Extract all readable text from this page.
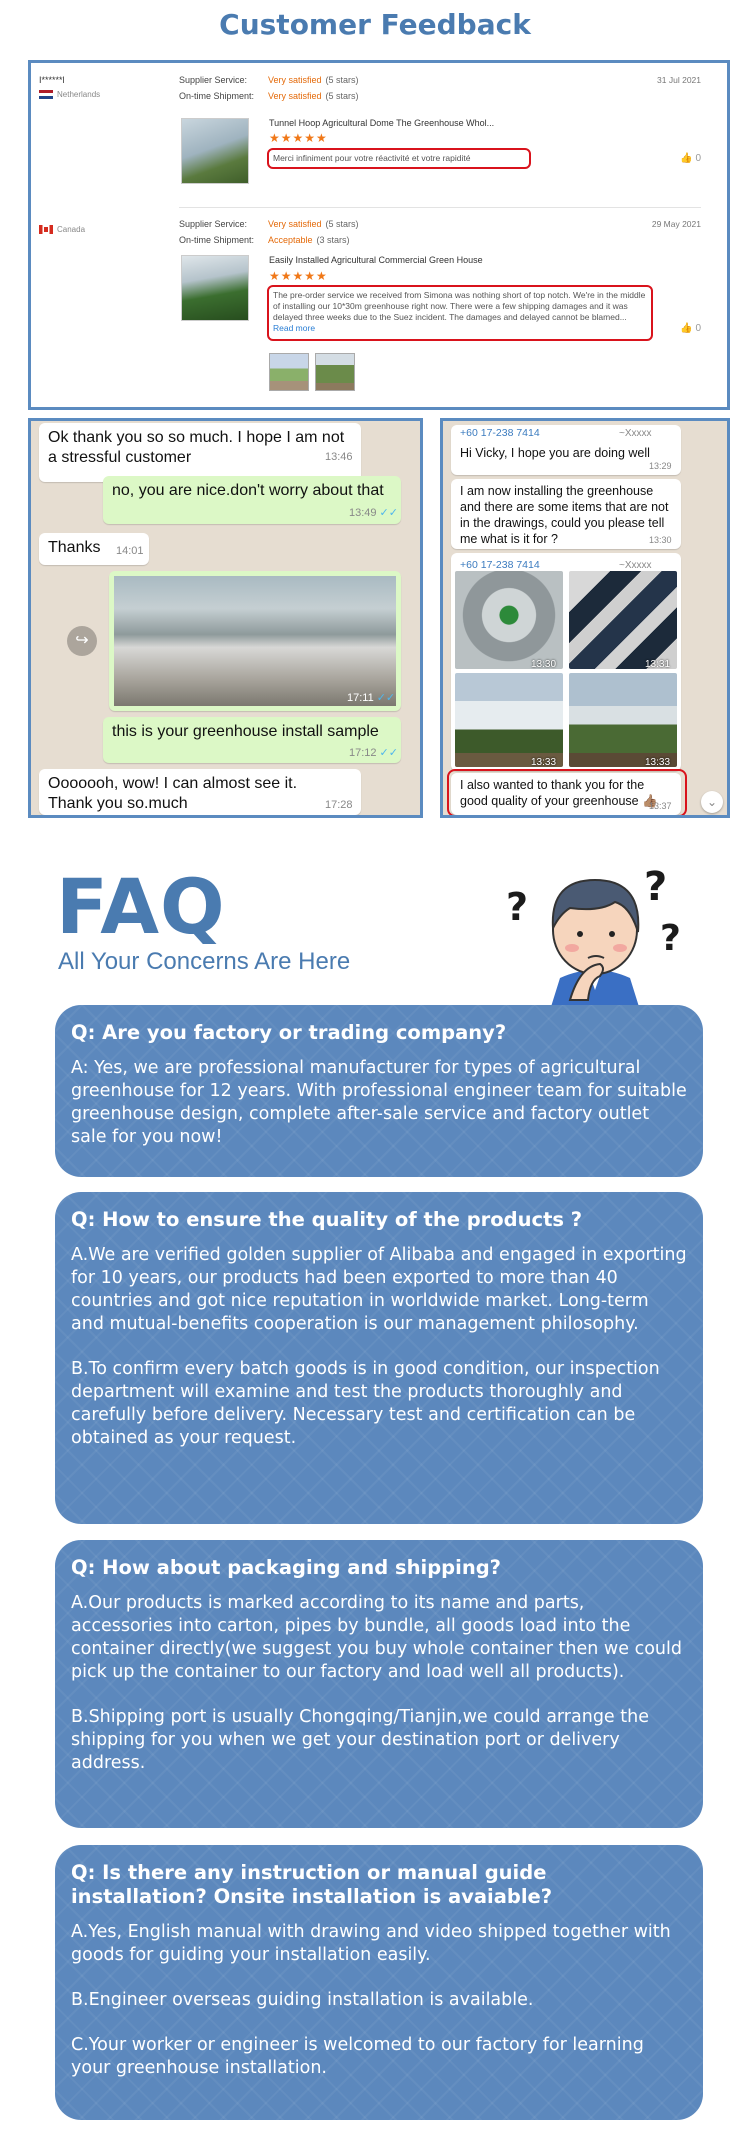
Customer Feedback
I******l
Netherlands
Supplier Service: Very satisfied (5 stars)
On-time Shipment: Very satisfied (5 stars)
31 Jul 2021
Tunnel Hoop Agricultural Dome The Greenhouse Whol...
★★★★★
Merci infiniment pour votre réactivité et votre rapidité	👍 0
Canada
Supplier Service: Very satisfied (5 stars)
On-time Shipment: Acceptable (3 stars)
29 May 2021
Easily Installed Agricultural Commercial Green House
★★★★★
The pre-order service we received from Simona was nothing short of top notch. We're in the middle of installing our 10*30m greenhouse right now. There were a few shipping damages and it was delayed three weeks due to the Suez incident. The damages and delayed cannot be blamed... Read more	👍 0
Ok thank you so so much. I hope I am not a stressful customer	13:46
no, you are nice.don't worry about that
13:49 ✓✓
Thanks	14:01
↪
17:11 ✓✓
this is your greenhouse install sample
17:12 ✓✓
Ooooooh, wow! I can almost see it. Thank you so.much	17:28
Hi Vicky, I hope you are doing well
+60 17-238 7414	~Xxxxx
13:29
I am now installing the greenhouse and there are some items that are not in the drawings, could you please tell me what is it for ?	13:30
+60 17-238 7414	~Xxxxx
13:30	13:31
13:33	13:33
I also wanted to thank you for the good quality of your greenhouse 👍🏽
13:37	⌄
FAQ
All Your Concerns Are Here
?	?
?
Q: Are you factory or trading company?
A: Yes, we are professional manufacturer for types of agricultural greenhouse for 12 years. With professional engineer team for suitable greenhouse design, complete after-sale service and factory outlet sale for you now!
Q: How to ensure the quality of the products ?
A.We are verified golden supplier of Alibaba and engaged in exporting for 10 years, our products had been exported to more than 40 countries and got nice reputation in worldwide market. Long-term and mutual-benefits cooperation is our management philosophy.
B.To confirm every batch goods is in good condition, our inspection department will examine and test the products thoroughly and carefully before delivery. Necessary test and certification can be obtained as your request.
Q: How about packaging and shipping?
A.Our products is marked according to its name and parts, accessories into carton, pipes by bundle, all goods load into the container directly(we suggest you buy whole container then we could pick up the container to our factory and load well all products).
B.Shipping port is usually Chongqing/Tianjin,we could arrange the shipping for you when we get your destination port or delivery address.
Q: Is there any instruction or manual guide installation? Onsite installation is avaiable?
A.Yes, English manual with drawing and video shipped together with goods for guiding your installation easily.
B.Engineer overseas guiding installation is available.
C.Your worker or engineer is welcomed to our factory for learning your greenhouse installation.
